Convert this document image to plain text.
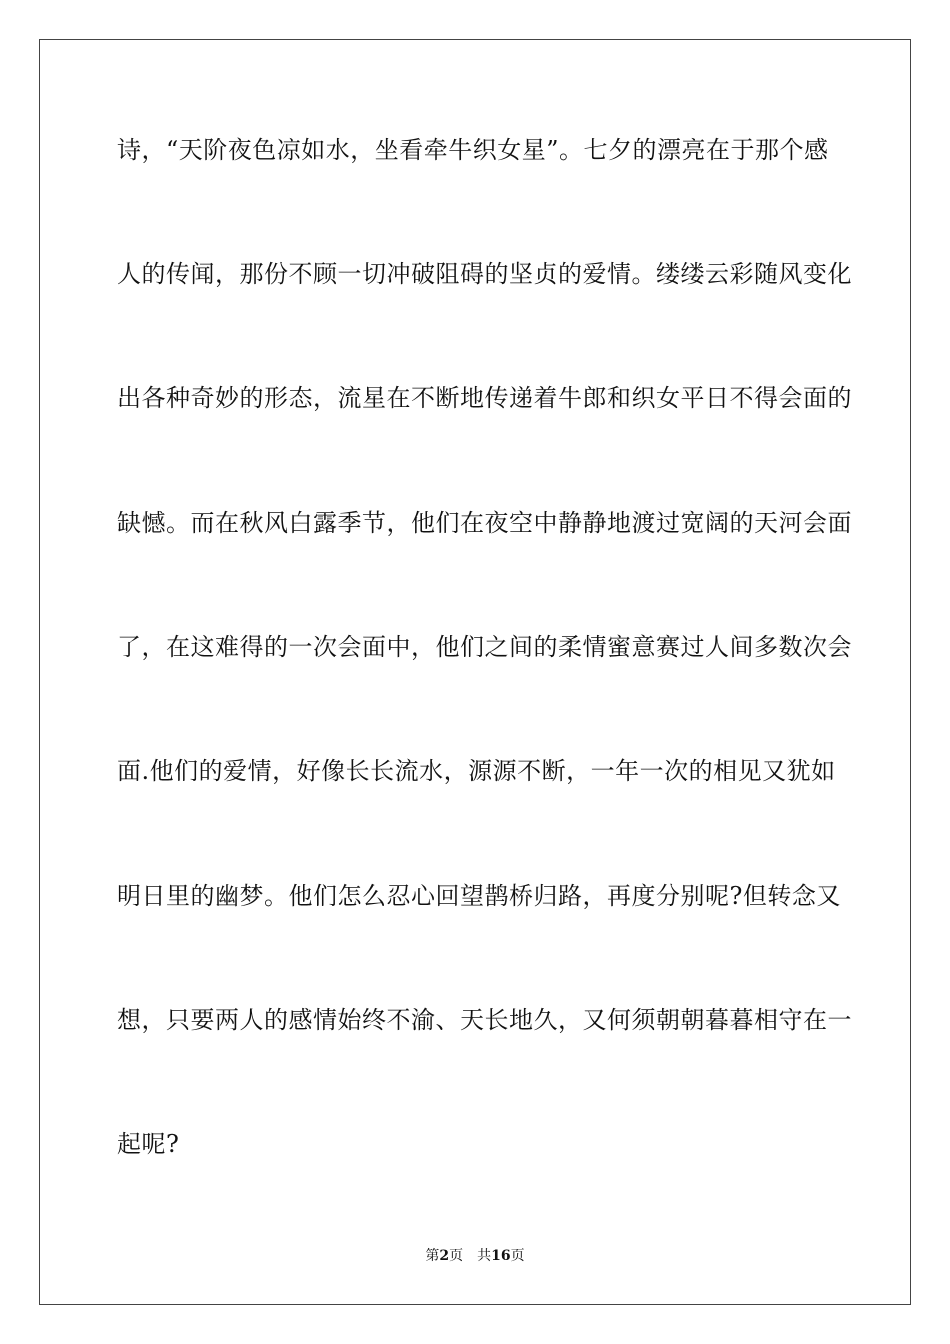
诗，“天阶夜色凉如水，坐看牵牛织女星”。七夕的漂亮在于那个感
人的传闻，那份不顾一切冲破阻碍的坚贞的爱情。缕缕云彩随风变化
出各种奇妙的形态，流星在不断地传递着牛郎和织女平日不得会面的
缺憾。而在秋风白露季节，他们在夜空中静静地渡过宽阔的天河会面
了，在这难得的一次会面中，他们之间的柔情蜜意赛过人间多数次会
面.他们的爱情，好像长长流水，源源不断，一年一次的相见又犹如
明日里的幽梦。他们怎么忍心回望鹊桥归路，再度分别呢?但转念又
想，只要两人的感情始终不渝、天长地久，又何须朝朝暮暮相守在一
起呢?
第2页 共16页
